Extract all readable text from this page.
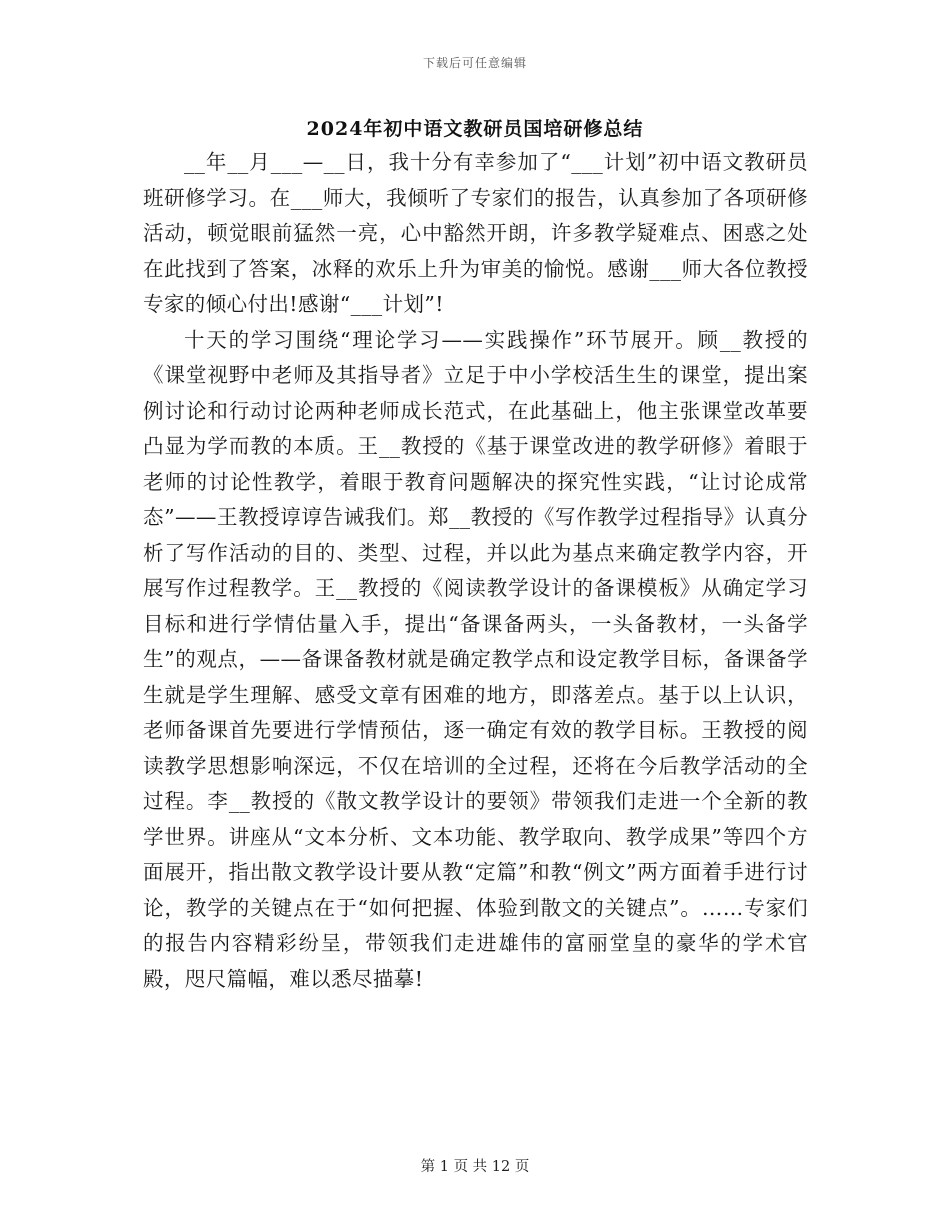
下载后可任意编辑
2024年初中语文教研员国培研修总结

__年__月___—__日，我十分有幸参加了“___计划”初中语文教研员班研修学习。在___师大，我倾听了专家们的报告，认真参加了各项研修活动，顿觉眼前猛然一亮，心中豁然开朗，许多教学疑难点、困惑之处在此找到了答案，冰释的欢乐上升为审美的愉悦。感谢___师大各位教授专家的倾心付出!感谢“___计划”!

十天的学习围绕“理论学习——实践操作”环节展开。顾__教授的《课堂视野中老师及其指导者》立足于中小学校活生生的课堂，提出案例讨论和行动讨论两种老师成长范式，在此基础上，他主张课堂改革要凸显为学而教的本质。王__教授的《基于课堂改进的教学研修》着眼于老师的讨论性教学，着眼于教育问题解决的探究性实践，“让讨论成常态”——王教授谆谆告诫我们。郑__教授的《写作教学过程指导》认真分析了写作活动的目的、类型、过程，并以此为基点来确定教学内容，开展写作过程教学。王__教授的《阅读教学设计的备课模板》从确定学习目标和进行学情估量入手，提出“备课备两头，一头备教材，一头备学生”的观点，——备课备教材就是确定教学点和设定教学目标，备课备学生就是学生理解、感受文章有困难的地方，即落差点。基于以上认识，老师备课首先要进行学情预估，逐一确定有效的教学目标。王教授的阅读教学思想影响深远，不仅在培训的全过程，还将在今后教学活动的全过程。李__教授的《散文教学设计的要领》带领我们走进一个全新的教学世界。讲座从“文本分析、文本功能、教学取向、教学成果”等四个方面展开，指出散文教学设计要从教“定篇”和教“例文”两方面着手进行讨论，教学的关键点在于“如何把握、体验到散文的关键点”。……专家们的报告内容精彩纷呈，带领我们走进雄伟的富丽堂皇的豪华的学术官殿，咫尺篇幅，难以悉尽描摹!

第 1 页 共 12 页
